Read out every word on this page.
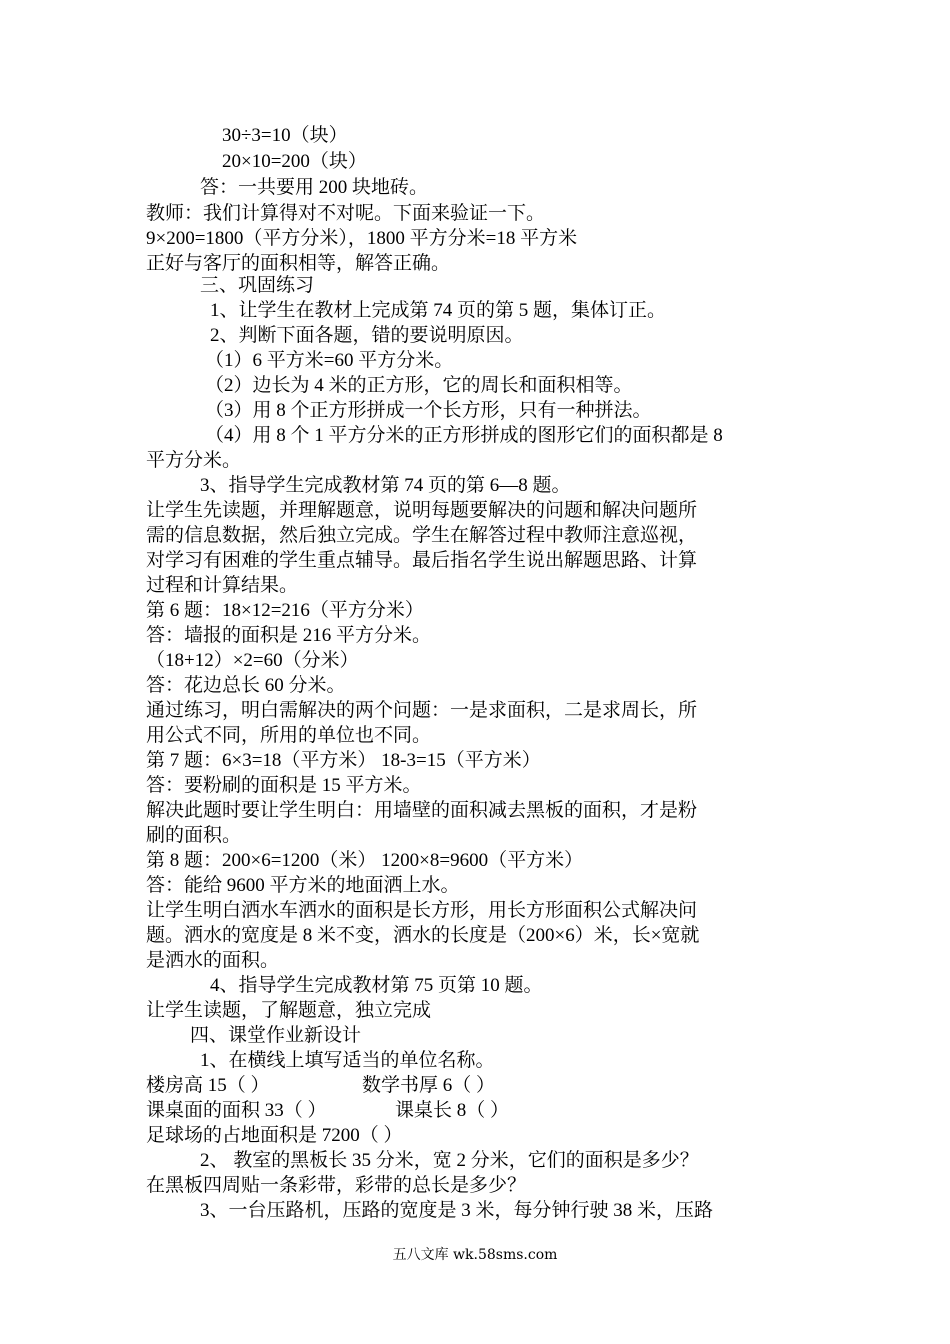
30÷3=10（块）
20×10=200（块）
答：一共要用 200 块地砖。
教师：我们计算得对不对呢。下面来验证一下。
9×200=1800（平方分米），1800 平方分米=18 平方米
正好与客厅的面积相等，解答正确。
三、巩固练习
1、让学生在教材上完成第 74 页的第 5 题，集体订正。
2、判断下面各题，错的要说明原因。
（1）6 平方米=60 平方分米。
（2）边长为 4 米的正方形，它的周长和面积相等。
（3）用 8 个正方形拼成一个长方形，只有一种拼法。
（4）用 8 个 1 平方分米的正方形拼成的图形它们的面积都是 8
平方分米。
3、指导学生完成教材第 74 页的第 6—8 题。
让学生先读题，并理解题意，说明每题要解决的问题和解决问题所
需的信息数据，然后独立完成。学生在解答过程中教师注意巡视，
对学习有困难的学生重点辅导。最后指名学生说出解题思路、计算
过程和计算结果。
第 6 题：18×12=216（平方分米）
答：墙报的面积是 216 平方分米。
（18+12）×2=60（分米）
答：花边总长 60 分米。
通过练习，明白需解决的两个问题：一是求面积，二是求周长，所
用公式不同，所用的单位也不同。
第 7 题：6×3=18（平方米） 18-3=15（平方米）
答：要粉刷的面积是 15 平方米。
解决此题时要让学生明白：用墙壁的面积减去黑板的面积，才是粉
刷的面积。
第 8 题：200×6=1200（米） 1200×8=9600（平方米）
答：能给 9600 平方米的地面洒上水。
让学生明白洒水车洒水的面积是长方形，用长方形面积公式解决问
题。洒水的宽度是 8 米不变，洒水的长度是（200×6）米，长×宽就
是洒水的面积。
4、指导学生完成教材第 75 页第 10 题。
让学生读题，了解题意，独立完成
四、课堂作业新设计
1、在横线上填写适当的单位名称。
楼房高 15（ ）	数学书厚 6（ ）
课桌面的面积 33（ ）	课桌长 8（ ）
足球场的占地面积是 7200（ ）
2、 教室的黑板长 35 分米，宽 2 分米，它们的面积是多少？
在黑板四周贴一条彩带，彩带的总长是多少？
3、一台压路机，压路的宽度是 3 米，每分钟行驶 38 米，压路
五八文库 wk.58sms.com
